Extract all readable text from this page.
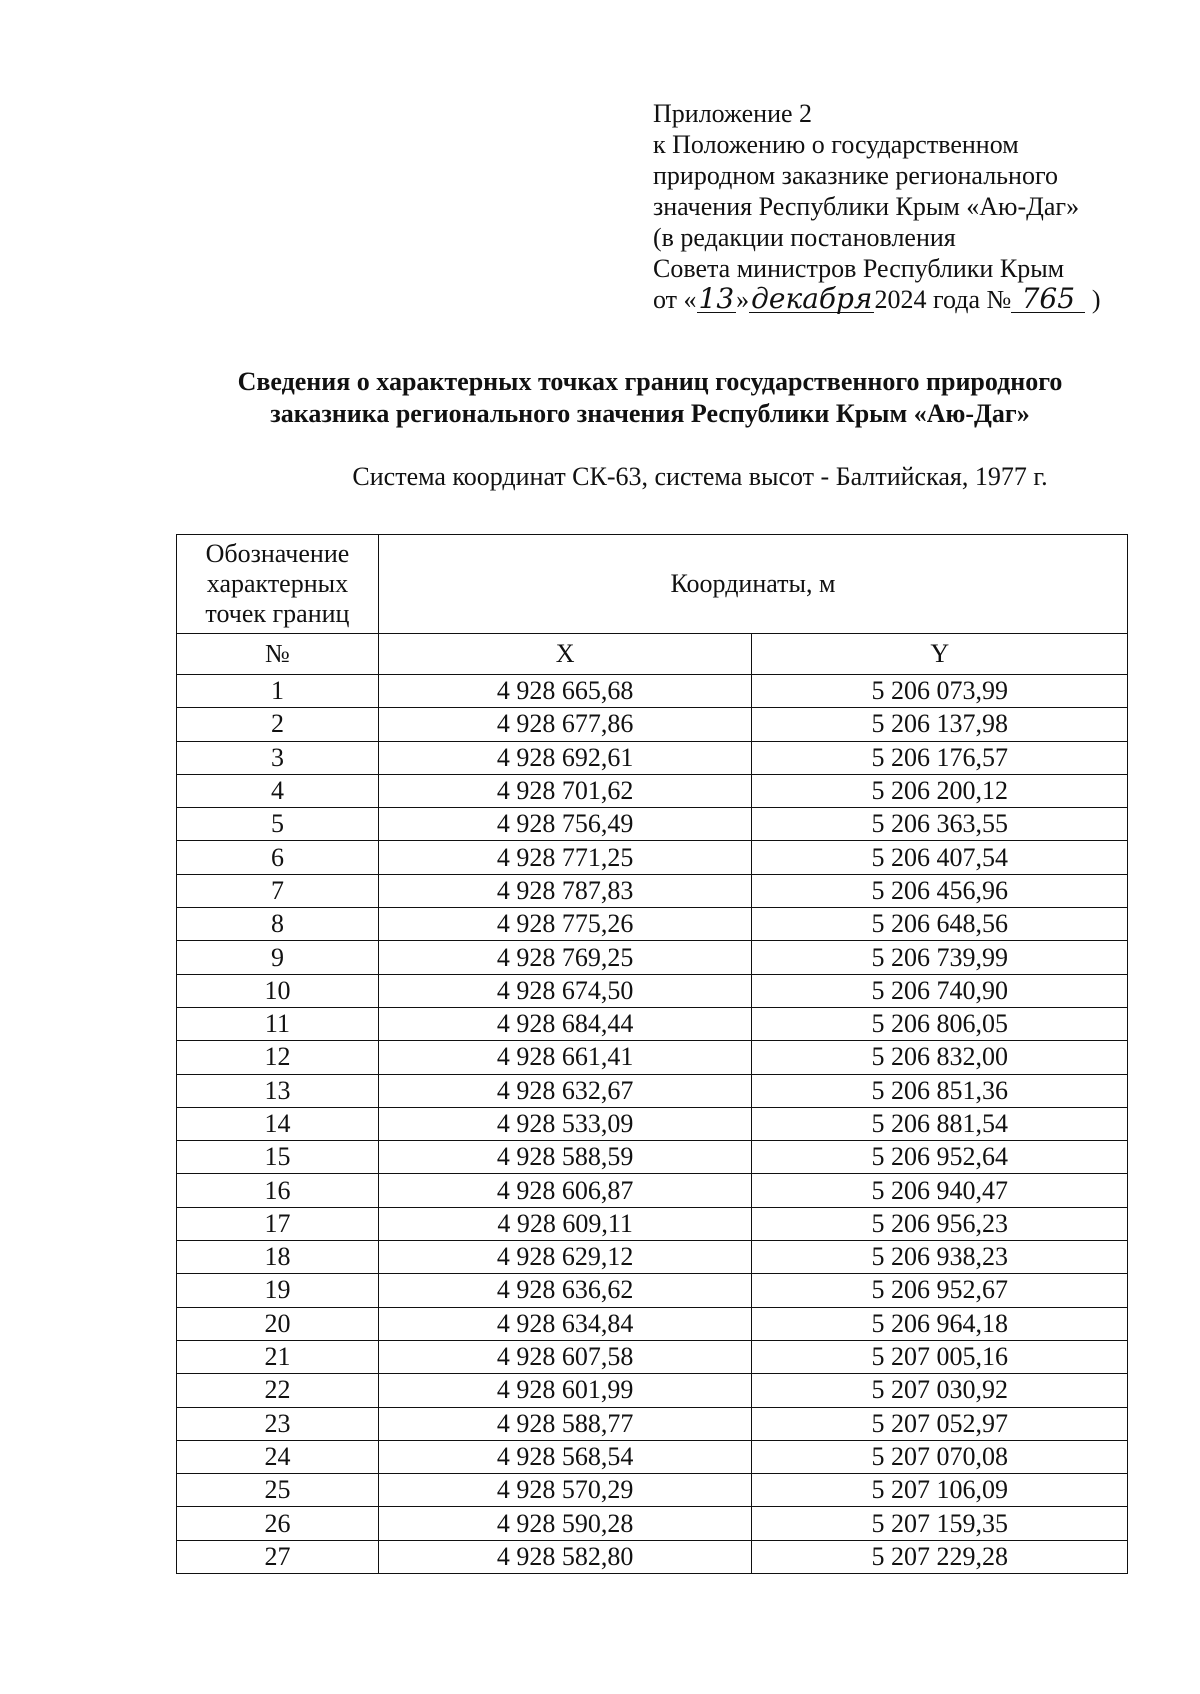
Приложение 2
к Положению о государственном
природном заказнике регионального
значения Республики Крым «Аю-Даг»
(в редакции постановления
Совета министров Республики Крым
от «13»декабря2024 года № 765 )
Сведения о характерных точках границ государственного природного
заказника регионального значения Республики Крым «Аю-Даг»
Система координат СК-63, система высот - Балтийская, 1977 г.
Обозначение характерных точек границ	Координаты, м	
№	X	Y
1	4 928 665,68	5 206 073,99
2	4 928 677,86	5 206 137,98
3	4 928 692,61	5 206 176,57
4	4 928 701,62	5 206 200,12
5	4 928 756,49	5 206 363,55
6	4 928 771,25	5 206 407,54
7	4 928 787,83	5 206 456,96
8	4 928 775,26	5 206 648,56
9	4 928 769,25	5 206 739,99
10	4 928 674,50	5 206 740,90
11	4 928 684,44	5 206 806,05
12	4 928 661,41	5 206 832,00
13	4 928 632,67	5 206 851,36
14	4 928 533,09	5 206 881,54
15	4 928 588,59	5 206 952,64
16	4 928 606,87	5 206 940,47
17	4 928 609,11	5 206 956,23
18	4 928 629,12	5 206 938,23
19	4 928 636,62	5 206 952,67
20	4 928 634,84	5 206 964,18
21	4 928 607,58	5 207 005,16
22	4 928 601,99	5 207 030,92
23	4 928 588,77	5 207 052,97
24	4 928 568,54	5 207 070,08
25	4 928 570,29	5 207 106,09
26	4 928 590,28	5 207 159,35
27	4 928 582,80	5 207 229,28
